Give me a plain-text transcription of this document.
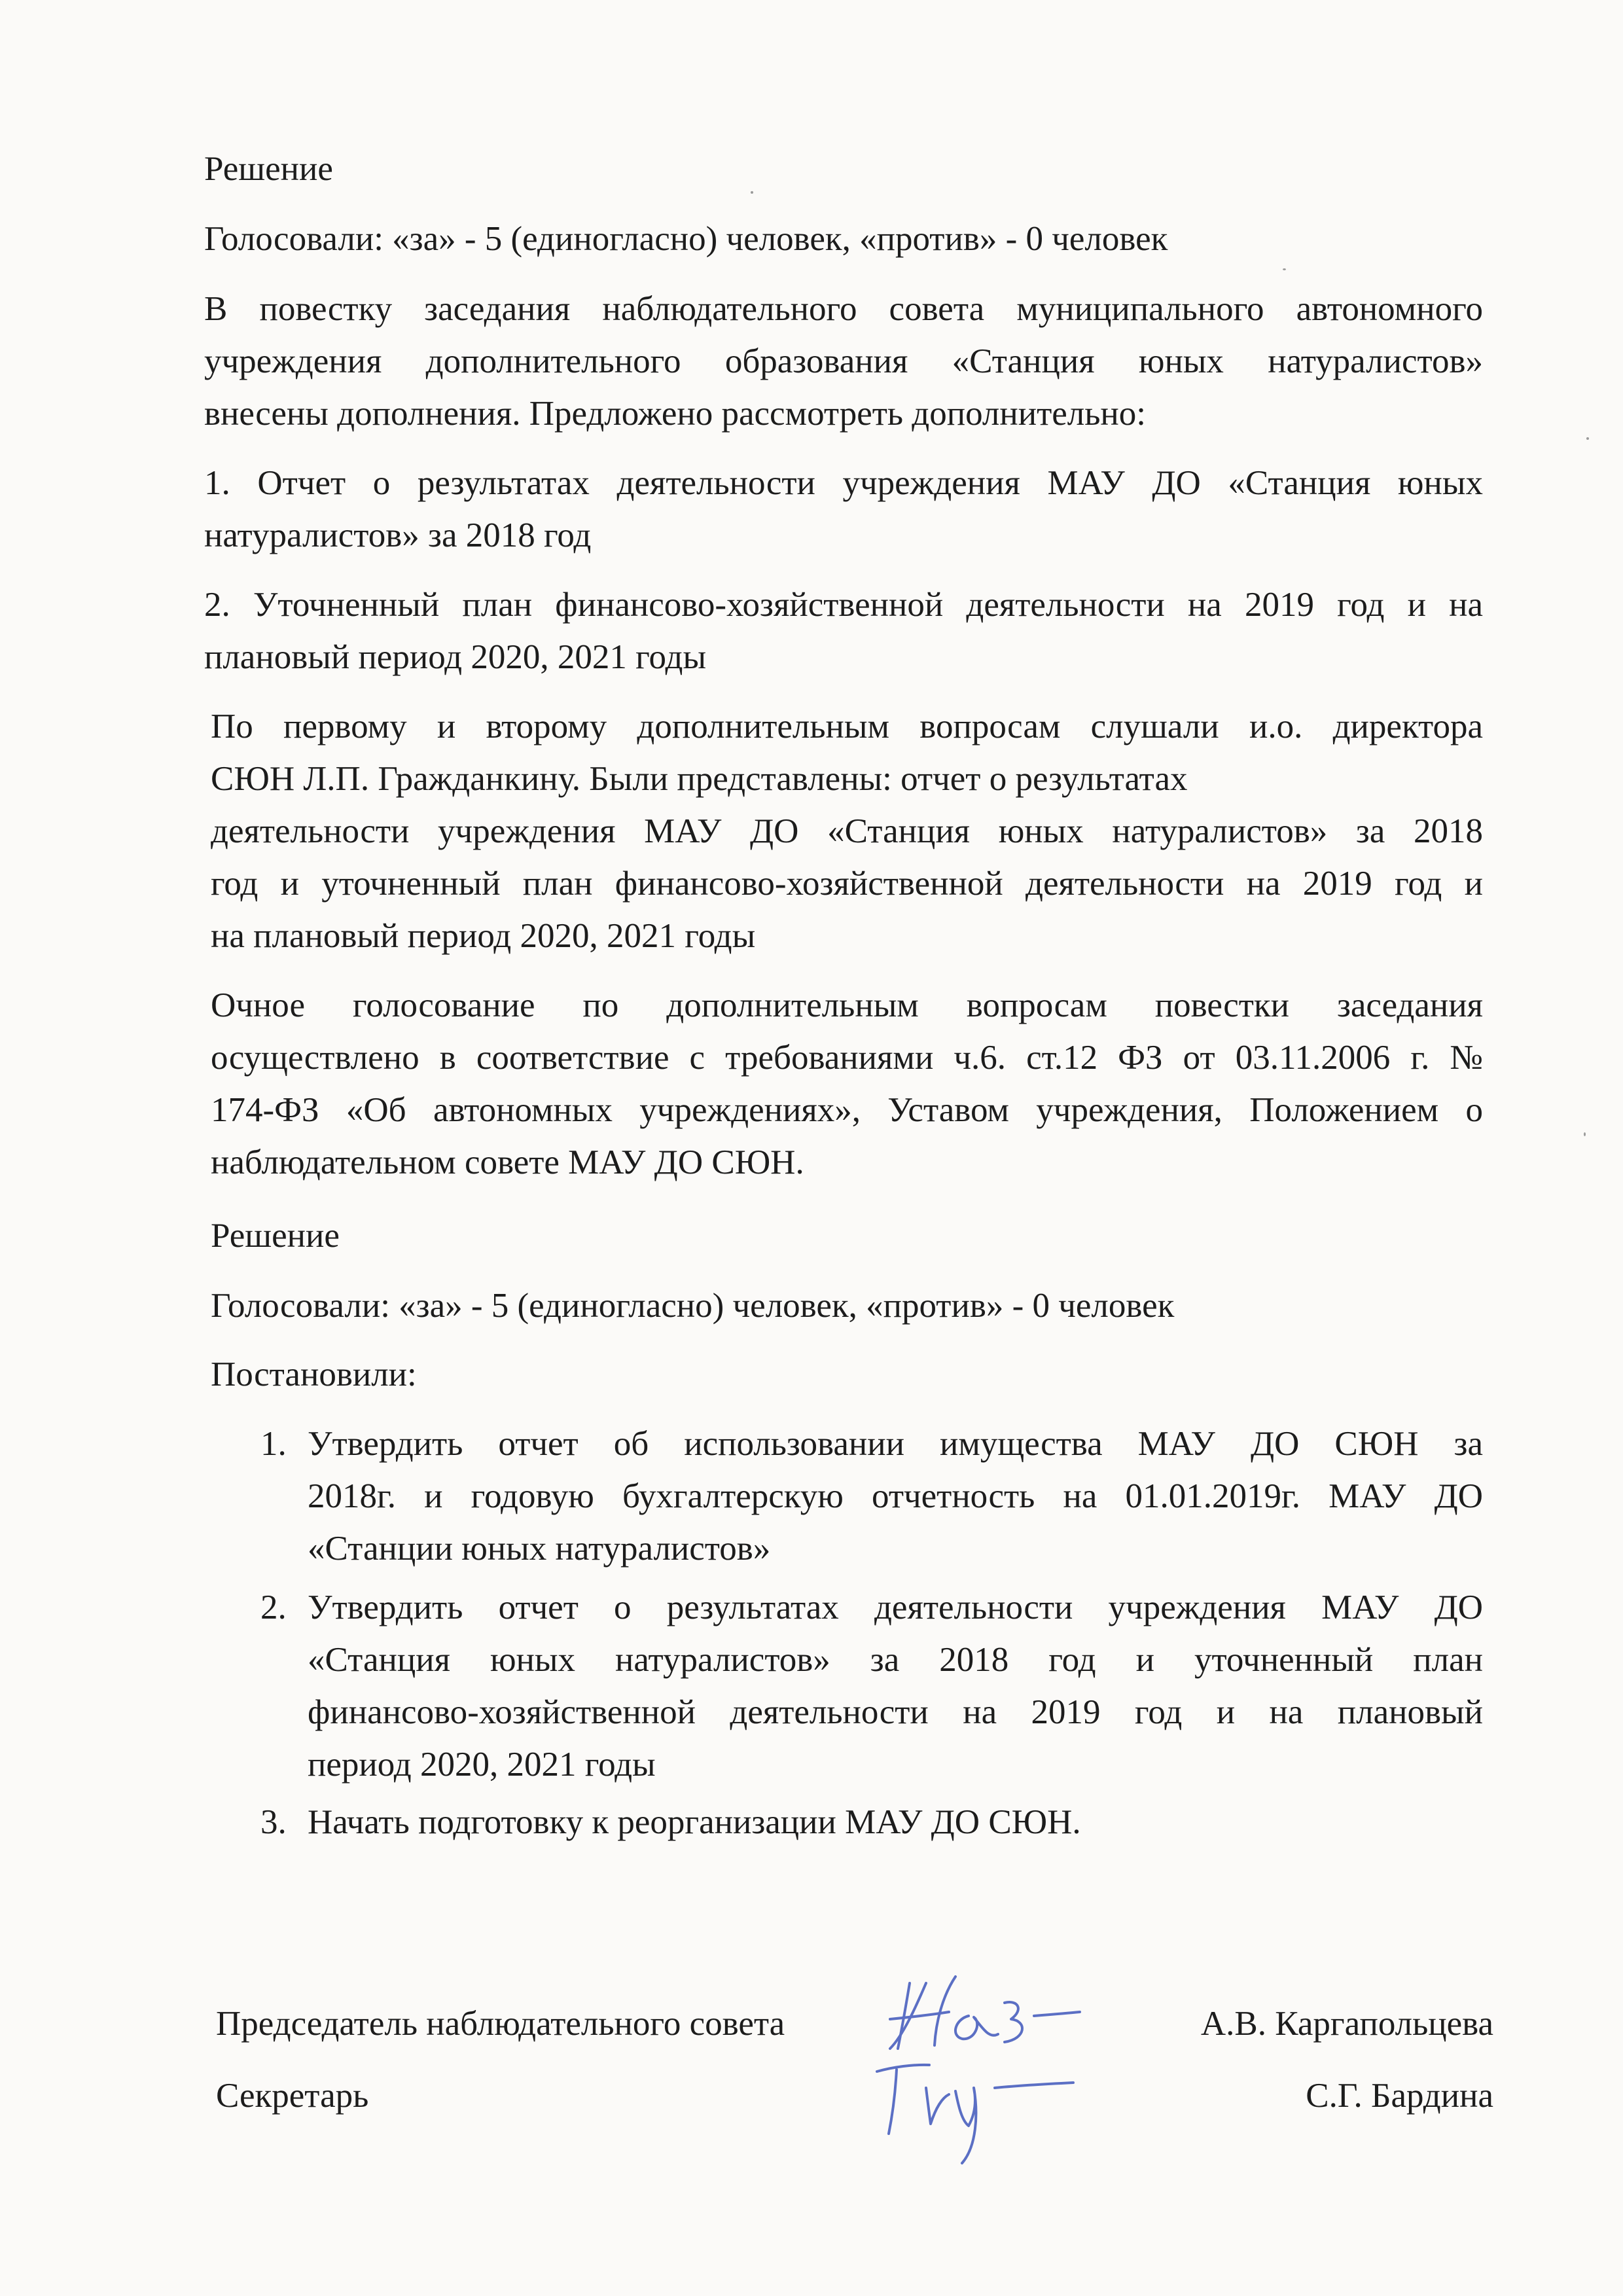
Решение
Голосовали: «за» - 5 (единогласно) человек, «против» - 0 человек
В повестку заседания наблюдательного совета муниципального автономного
учреждения дополнительного образования «Станция юных натуралистов»
внесены дополнения. Предложено рассмотреть дополнительно:
1. Отчет о результатах деятельности учреждения МАУ ДО «Станция юных
натуралистов» за 2018 год
2. Уточненный план финансово-хозяйственной деятельности на 2019 год и на
плановый период 2020, 2021 годы
По первому и второму дополнительным вопросам слушали и.о. директора
СЮН Л.П. Гражданкину. Были представлены: отчет о результатах
деятельности учреждения МАУ ДО «Станция юных натуралистов» за 2018
год и уточненный план финансово-хозяйственной деятельности на 2019 год и
на плановый период 2020, 2021 годы
Очное голосование по дополнительным вопросам повестки заседания
осуществлено в соответствие с требованиями ч.6. ст.12 ФЗ от 03.11.2006 г. №
174-ФЗ «Об автономных учреждениях», Уставом учреждения, Положением о
наблюдательном совете МАУ ДО СЮН.
Решение
Голосовали: «за» - 5 (единогласно) человек, «против» - 0 человек
Постановили:
1. Утвердить отчет об использовании имущества МАУ ДО СЮН за
2018г. и годовую бухгалтерскую отчетность на 01.01.2019г. МАУ ДО
«Станции юных натуралистов»
2. Утвердить отчет о результатах деятельности учреждения МАУ ДО
«Станция юных натуралистов» за 2018 год и уточненный план
финансово-хозяйственной деятельности на 2019 год и на плановый
период 2020, 2021 годы
3. Начать подготовку к реорганизации МАУ ДО СЮН.
Председатель наблюдательного совета	А.В. Каргапольцева
Секретарь	С.Г. Бардина
